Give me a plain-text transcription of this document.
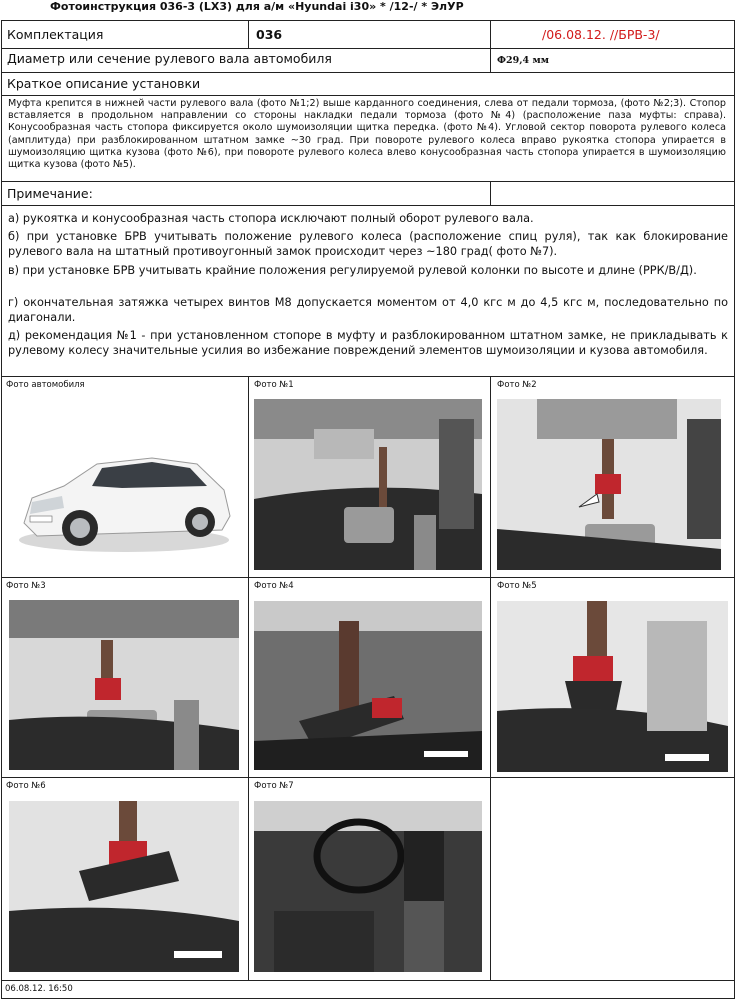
Фотоинструкция 036-3 (LX3) для а/м «Hyundai i30» * /12-/ * ЭлУР
Комплектация	036	/06.08.12. //БРВ-3/
Диаметр или сечение рулевого вала автомобиля	Ф29,4 мм
Краткое описание установки
Муфта крепится в нижней части рулевого вала (фото №1;2) выше карданного соединения, слева от педали тормоза, (фото №2;3). Стопор вставляется в продольном направлении со стороны накладки педали тормоза (фото №4) (расположение паза муфты: справа). Конусообразная часть стопора фиксируется около шумоизоляции щитка передка. (фото №4). Угловой сектор поворота рулевого колеса (амплитуда) при разблокированном штатном замке ~30 град. При повороте рулевого колеса вправо рукоятка стопора упирается в шумоизоляцию щитка кузова (фото №6), при повороте рулевого колеса влево конусообразная часть стопора упирается в шумоизоляцию щитка кузова (фото №5).
Примечание:
а) рукоятка и конусообразная часть стопора исключают полный оборот рулевого вала.
б) при установке БРВ учитывать положение рулевого колеса (расположение спиц руля), так как блокирование рулевого вала на штатный противоугонный замок происходит через ~180 град( фото №7).
в) при установке БРВ учитывать крайние положения регулируемой рулевой колонки по высоте и длине (РРК/В/Д).
г) окончательная затяжка четырех винтов М8 допускается моментом от 4,0 кгс м до 4,5 кгс м, последовательно по диагонали.
д) рекомендация №1 - при установленном стопоре в муфту и разблокированном штатном замке, не прикладывать к рулевому колесу значительные усилия во избежание повреждений элементов шумоизоляции и кузова автомобиля.
Фото автомобиля	Фото №1	Фото №2
Фото №3	Фото №4	Фото №5
Фото №6	Фото №7
06.08.12. 16:50
